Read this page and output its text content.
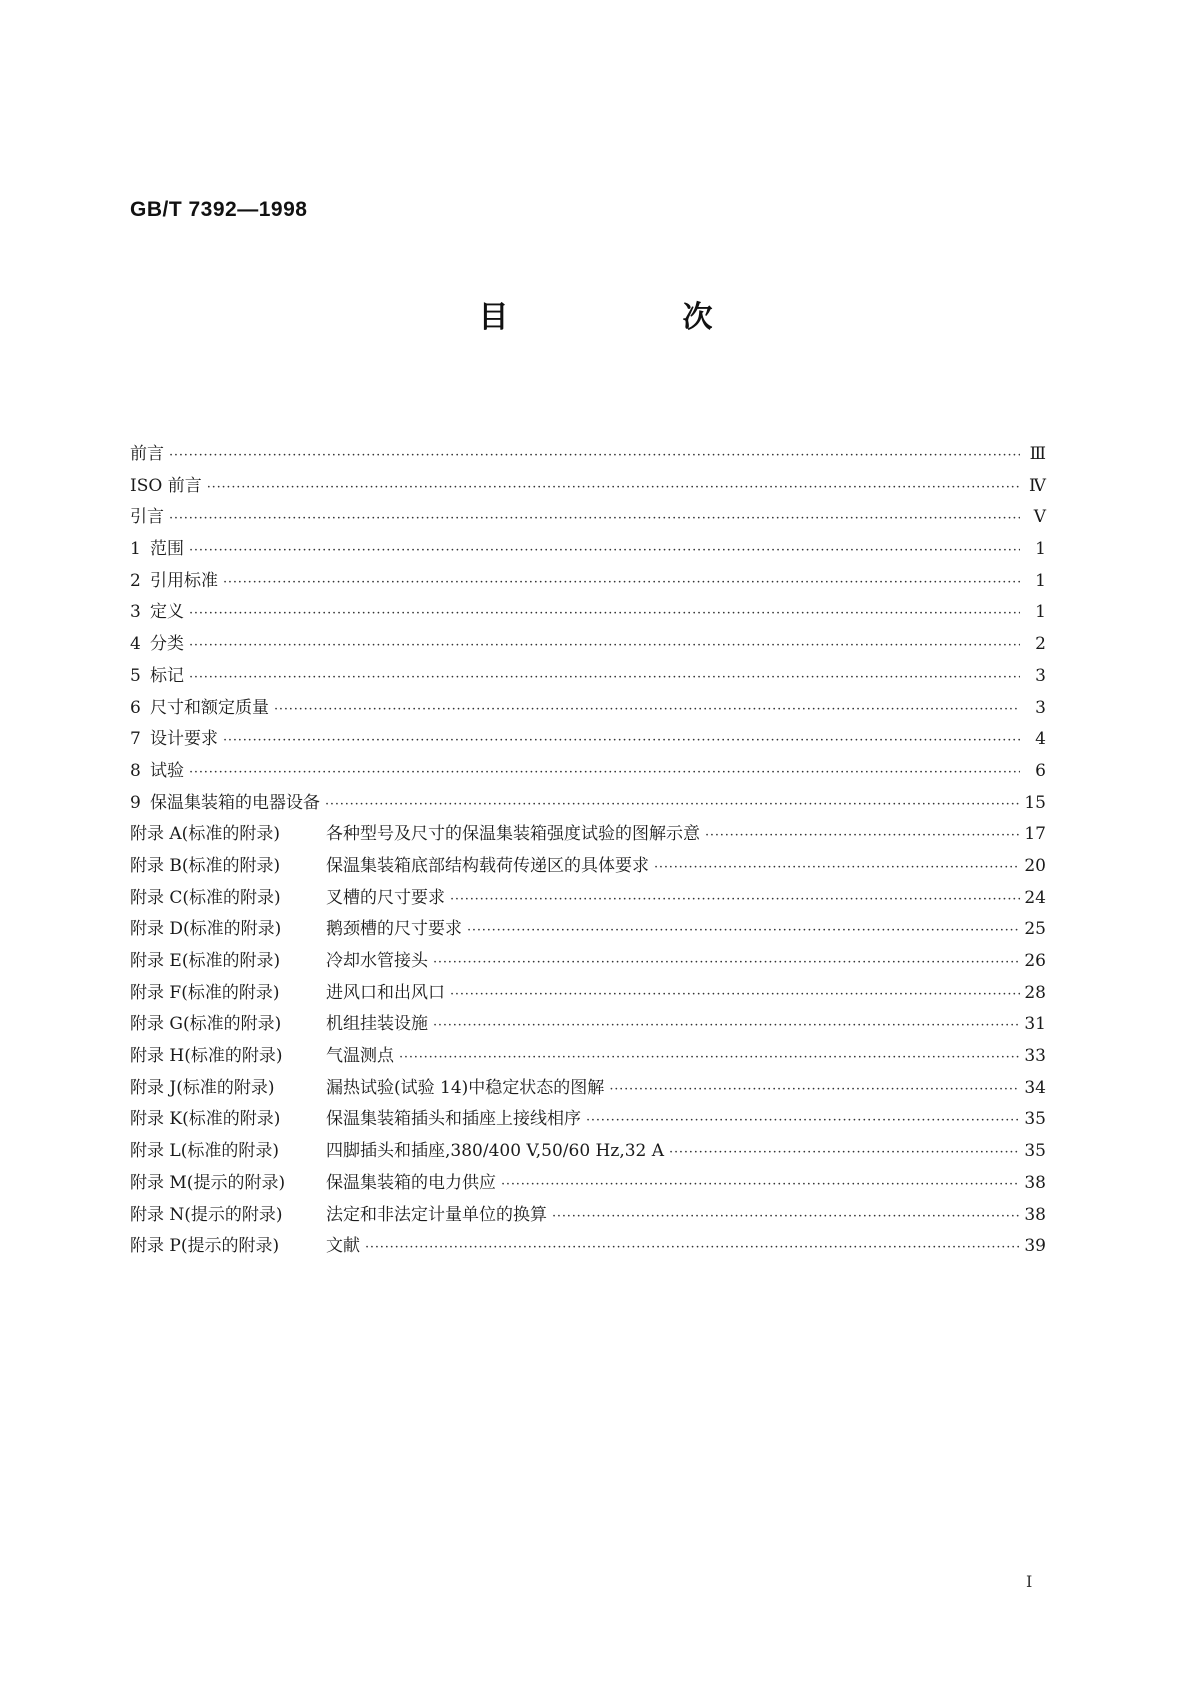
GB/T 7392—1998
目　次
前言 ·····	Ⅲ
ISO 前言 ·····	Ⅳ
引言 ·····	Ⅴ
1 范围 ·····	1
2 引用标准 ·····	1
3 定义 ·····	1
4 分类 ·····	2
5 标记 ·····	3
6 尺寸和额定质量 ·····	3
7 设计要求 ·····	4
8 试验 ·····	6
9 保温集装箱的电器设备 ·····	15
附录 A(标准的附录)	各种型号及尺寸的保温集装箱强度试验的图解示意 ·····	17
附录 B(标准的附录)	保温集装箱底部结构载荷传递区的具体要求 ·····	20
附录 C(标准的附录)	叉槽的尺寸要求 ·····	24
附录 D(标准的附录)	鹅颈槽的尺寸要求 ·····	25
附录 E(标准的附录)	冷却水管接头 ·····	26
附录 F(标准的附录)	进风口和出风口 ·····	28
附录 G(标准的附录)	机组挂装设施 ·····	31
附录 H(标准的附录)	气温测点 ·····	33
附录 J(标准的附录)	漏热试验(试验 14)中稳定状态的图解 ·····	34
附录 K(标准的附录)	保温集装箱插头和插座上接线相序 ·····	35
附录 L(标准的附录)	四脚插头和插座,380/400 V,50/60 Hz,32 A ·····	35
附录 M(提示的附录)	保温集装箱的电力供应 ·····	38
附录 N(提示的附录)	法定和非法定计量单位的换算 ·····	38
附录 P(提示的附录)	文献 ·····	39
I
